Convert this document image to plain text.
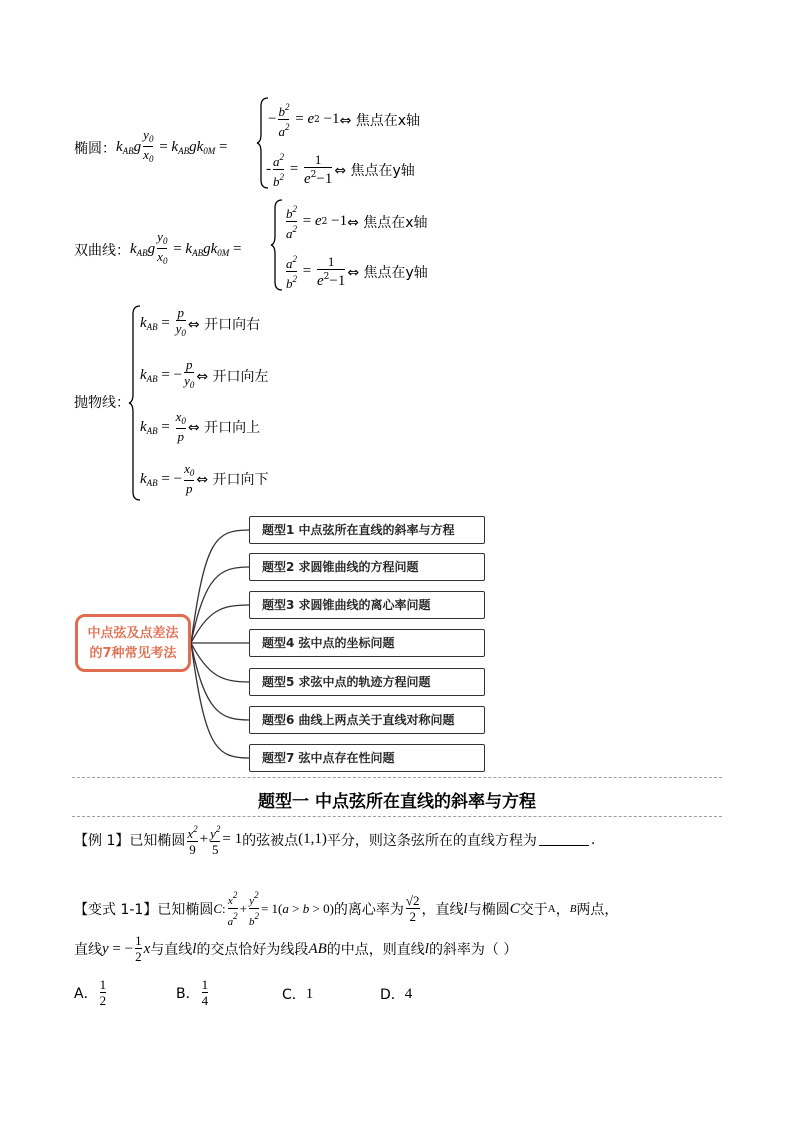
椭圆： $k_{AB}$ g $\frac{y_0}{x_0} = k_{AB}$ g $k_{0M}$ =
− $\frac{b^2}{a^2} = e$ 2 −1 ⇔ 焦点在x轴
- $\frac{a^2}{b^2} = \frac{1}{e^2-1}$ ⇔ 焦点在y轴
双曲线： $k_{AB}$ g $\frac{y_0}{x_0} = k_{AB}$ g $k_{0M}$ =
$\frac{b^2}{a^2} = e$ 2 −1 ⇔ 焦点在x轴
$\frac{a^2}{b^2} = \frac{1}{e^2-1}$ ⇔ 焦点在y轴
抛物线：
$k_{AB} = \frac{p}{y_0}$ ⇔ 开口向右
$k_{AB}$ = − $\frac{p}{y_0}$ ⇔ 开口向左
$k_{AB} = \frac{x_0}{p}$ ⇔ 开口向上
$k_{AB}$ = − $\frac{x_0}{p}$ ⇔ 开口向下
中点弦及点差法
的7种常见考法
题型1 中点弦所在直线的斜率与方程
题型2 求圆锥曲线的方程问题
题型3 求圆锥曲线的离心率问题
题型4 弦中点的坐标问题
题型5 求弦中点的轨迹方程问题
题型6 曲线上两点关于直线对称问题
题型7 弦中点存在性问题
题型一 中点弦所在直线的斜率与方程
【例 1】 已知椭圆 $\frac{x^2}{9} + \frac{y^2}{5} = 1$ 的弦被点 (1,1) 平分，则这条弦所在的直线方程为	.
【变式 1-1】 已知椭圆 C : $\frac{x^2}{a^2} + \frac{y^2}{b^2} = 1(a > b > 0)$ 的离心率为 $\frac{√2}{2}$ ，直线 l 与椭圆 C 交于 A ， B 两点，
直线 y = − $\frac{1}{2}$ x 与直线 l 的交点恰好为线段 AB 的中点，则直线 l 的斜率为（ ）
A． $\frac{1}{2}$	B． $\frac{1}{4}$	C． 1	D． 4
